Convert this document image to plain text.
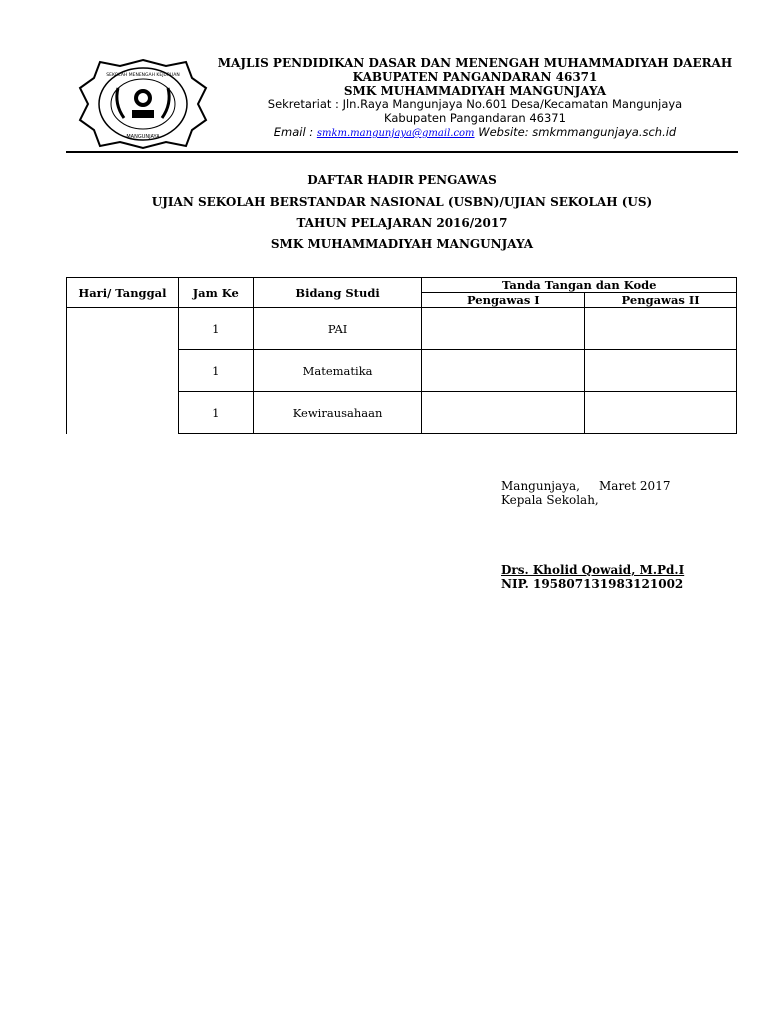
SEKOLAH MENENGAH KEJURUAN
MANGUNJAYA
MAJLIS PENDIDIKAN DASAR DAN MENENGAH MUHAMMADIYAH DAERAH
KABUPATEN PANGANDARAN 46371
SMK MUHAMMADIYAH MANGUNJAYA
Sekretariat : Jln.Raya Mangunjaya No.601 Desa/Kecamatan Mangunjaya
Kabupaten Pangandaran 46371
Email : smkm.mangunjaya@gmail.com Website: smkmmangunjaya.sch.id
DAFTAR HADIR PENGAWAS
UJIAN SEKOLAH BERSTANDAR NASIONAL (USBN)/UJIAN SEKOLAH (US)
TAHUN PELAJARAN 2016/2017
SMK MUHAMMADIYAH MANGUNJAYA
Hari/ Tanggal	Jam Ke	Bidang Studi	Tanda Tangan dan Kode	
			Pengawas I	Pengawas II
	1	PAI		
	1	Matematika		
	1	Kewirausahaan		
Mangunjaya,     Maret 2017
Kepala Sekolah,
Drs. Kholid Qowaid, M.Pd.I
NIP. 195807131983121002
